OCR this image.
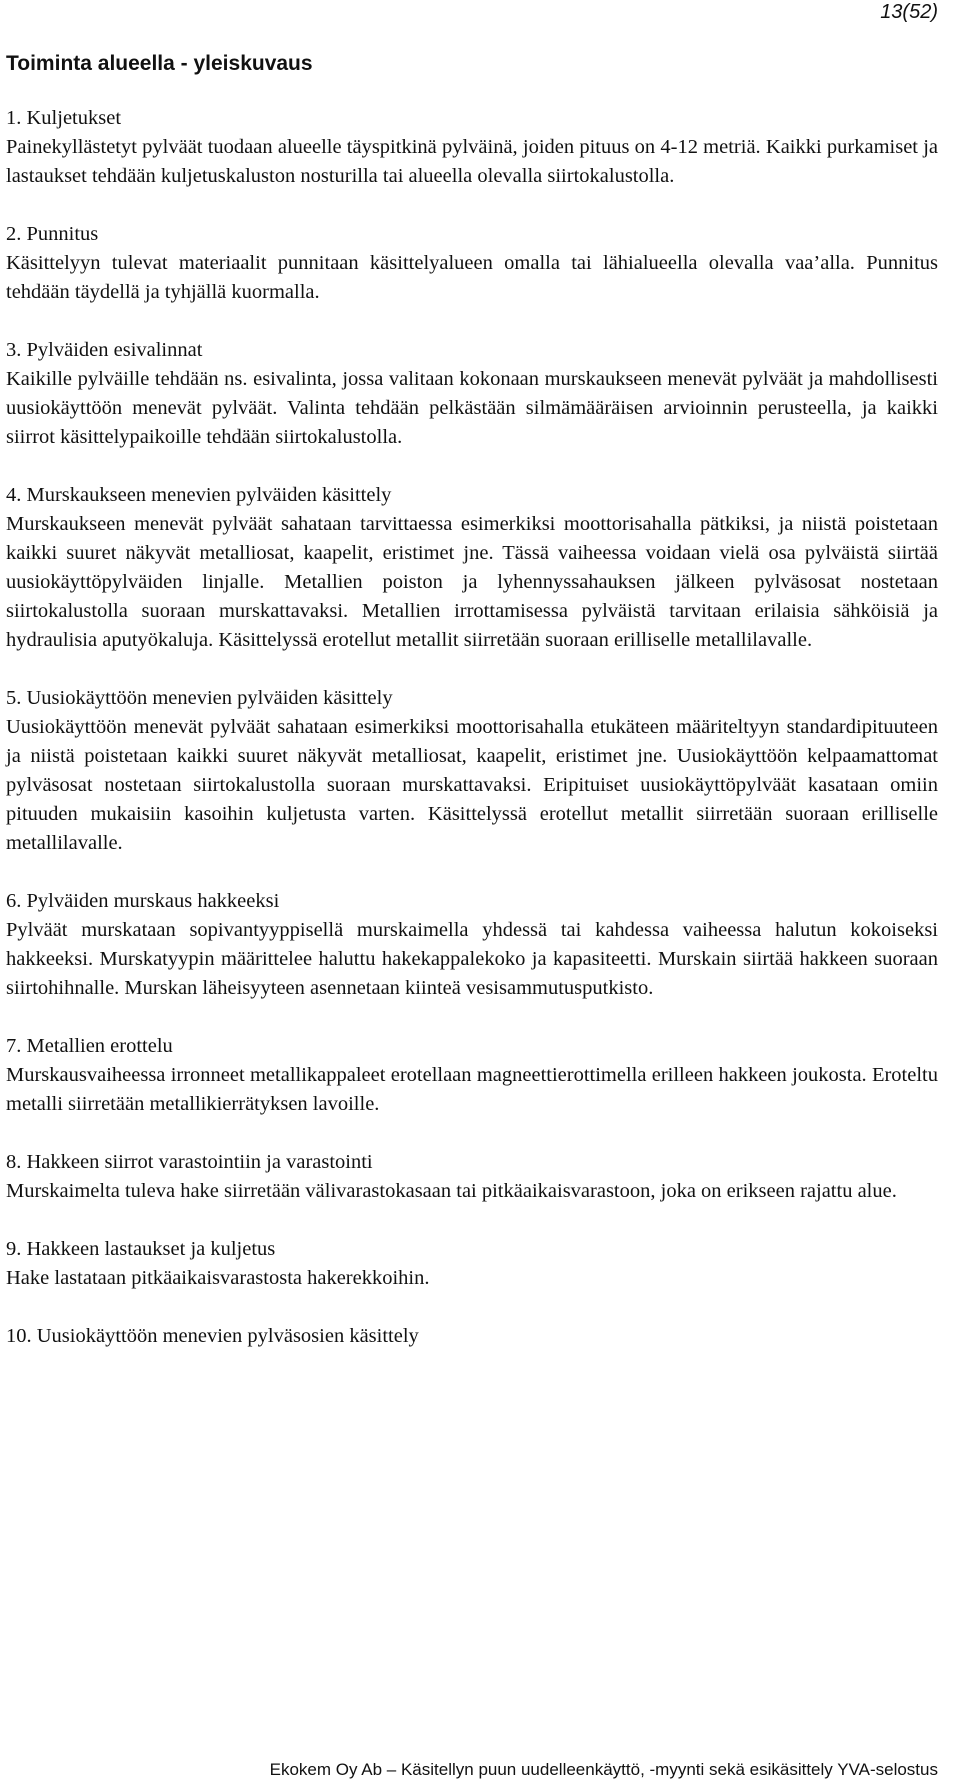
13(52)
Toiminta alueella - yleiskuvaus
1. Kuljetukset

Painekyllästetyt pylväät tuodaan alueelle täyspitkinä pylväinä, joiden pituus on 4-12 metriä. Kaikki purkamiset ja lastaukset tehdään kuljetuskaluston nosturilla tai alueella olevalla siirtokalustolla.

2. Punnitus

Käsittelyyn tulevat materiaalit punnitaan käsittelyalueen omalla tai lähialueella olevalla vaa’alla. Punnitus tehdään täydellä ja tyhjällä kuormalla.

3. Pylväiden esivalinnat

Kaikille pylväille tehdään ns. esivalinta, jossa valitaan kokonaan murskaukseen menevät pylväät ja mahdollisesti uusiokäyttöön menevät pylväät. Valinta tehdään pelkästään silmämääräisen arvioinnin perusteella, ja kaikki siirrot käsittelypaikoille tehdään siirtokalustolla.

4. Murskaukseen menevien pylväiden käsittely

Murskaukseen menevät pylväät sahataan tarvittaessa esimerkiksi moottorisahalla pätkiksi, ja niistä poistetaan kaikki suuret näkyvät metalliosat, kaapelit, eristimet jne. Tässä vaiheessa voidaan vielä osa pylväistä siirtää uusiokäyttöpylväiden linjalle. Metallien poiston ja lyhennyssahauksen jälkeen pylväsosat nostetaan siirtokalustolla suoraan murskattavaksi. Metallien irrottamisessa pylväistä tarvitaan erilaisia sähköisiä ja hydraulisia aputyökaluja. Käsittelyssä erotellut metallit siirretään suoraan erilliselle metallilavalle.

5. Uusiokäyttöön menevien pylväiden käsittely

Uusiokäyttöön menevät pylväät sahataan esimerkiksi moottorisahalla etukäteen määriteltyyn standardipituuteen ja niistä poistetaan kaikki suuret näkyvät metalliosat, kaapelit, eristimet jne. Uusiokäyttöön kelpaamattomat pylväsosat nostetaan siirtokalustolla suoraan murskattavaksi. Eripituiset uusiokäyttöpylväät kasataan omiin pituuden mukaisiin kasoihin kuljetusta varten. Käsittelyssä erotellut metallit siirretään suoraan erilliselle metallilavalle.

6. Pylväiden murskaus hakkeeksi

Pylväät murskataan sopivantyyppisellä murskaimella yhdessä tai kahdessa vaiheessa halutun kokoiseksi hakkeeksi. Murskatyypin määrittelee haluttu hakekappalekoko ja kapasiteetti. Murskain siirtää hakkeen suoraan siirtohihnalle. Murskan läheisyyteen asennetaan kiinteä vesisammutusputkisto.

7. Metallien erottelu

Murskausvaiheessa irronneet metallikappaleet erotellaan magneettierottimella erilleen hakkeen joukosta. Eroteltu metalli siirretään metallikierrätyksen lavoille.

8. Hakkeen siirrot varastointiin ja varastointi

Murskaimelta tuleva hake siirretään välivarastokasaan tai pitkäaikaisvarastoon, joka on erikseen rajattu alue.

9. Hakkeen lastaukset ja kuljetus

Hake lastataan pitkäaikaisvarastosta hakerekkoihin.

10. Uusiokäyttöön menevien pylväsosien käsittely

Ekokem Oy Ab – Käsitellyn puun uudelleenkäyttö, -myynti sekä esikäsittely YVA-selostus
